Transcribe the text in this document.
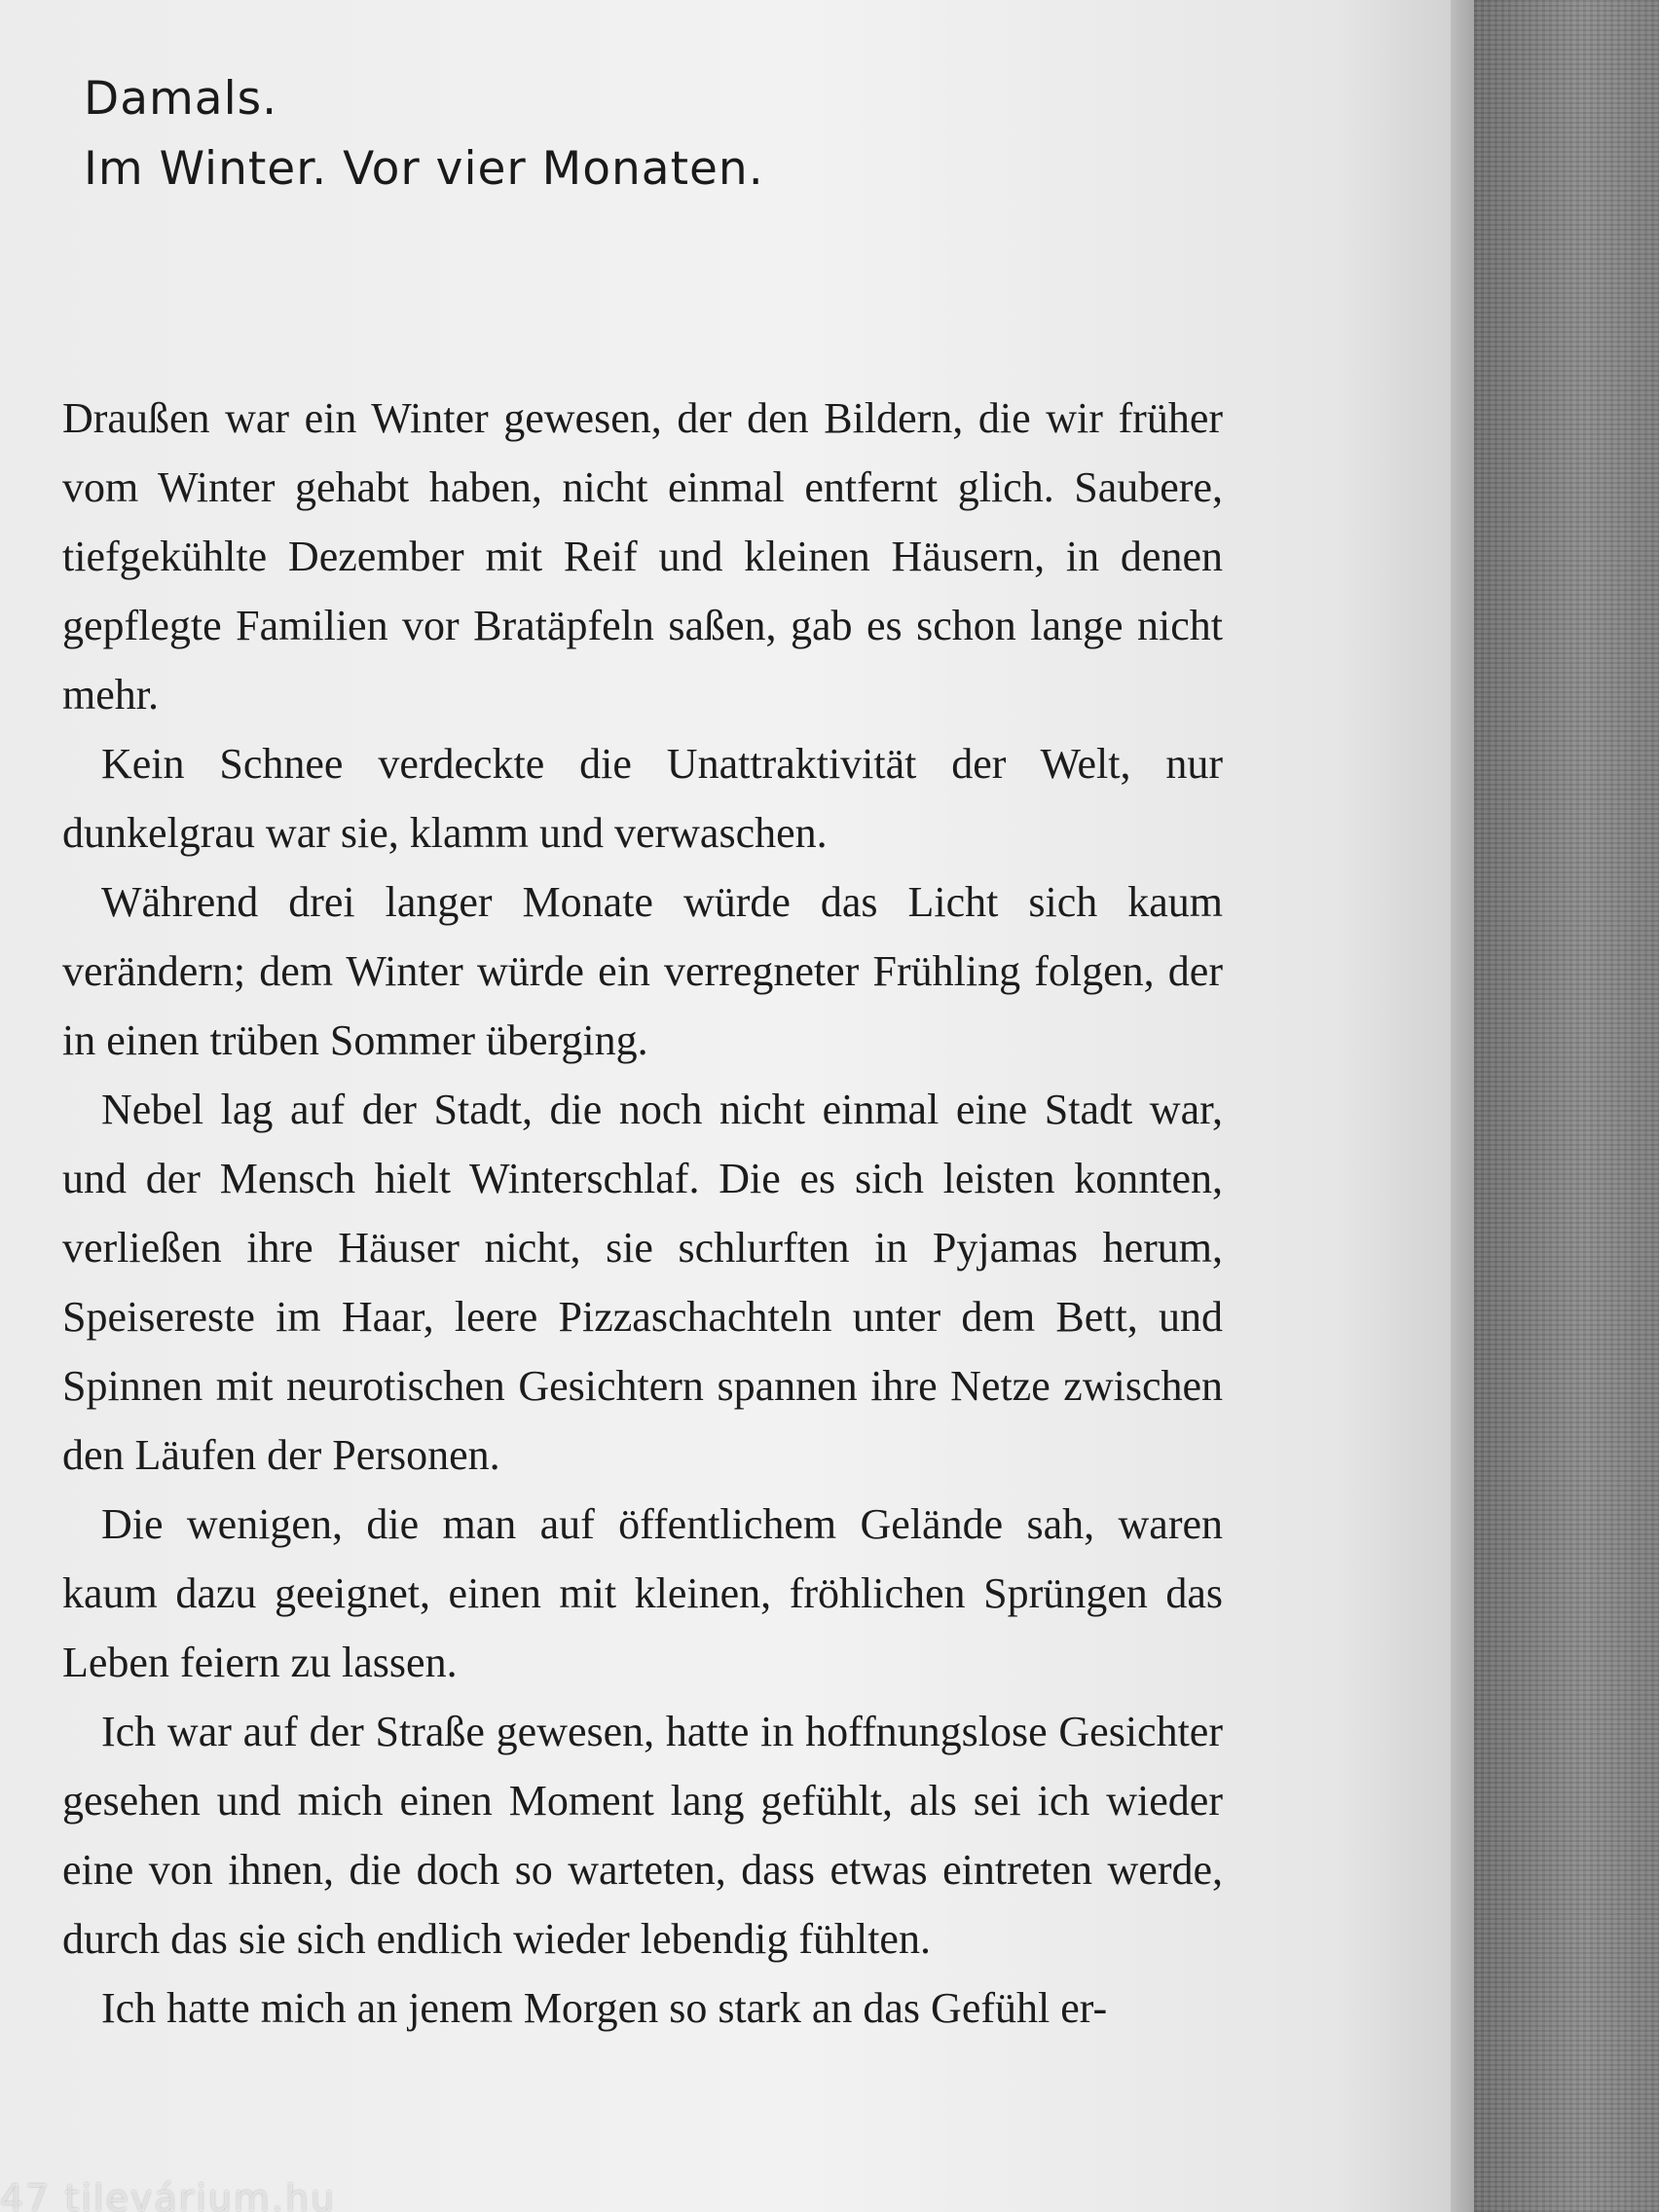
Damals.
Im Winter. Vor vier Monaten.

Draußen war ein Winter gewesen, der den Bildern, die wir früher vom Winter gehabt haben, nicht einmal entfernt glich. Saubere, tiefgekühlte Dezember mit Reif und kleinen Häusern, in denen gepflegte Familien vor Bratäpfeln saßen, gab es schon lange nicht mehr.

Kein Schnee verdeckte die Unattraktivität der Welt, nur dunkelgrau war sie, klamm und verwaschen.

Während drei langer Monate würde das Licht sich kaum verändern; dem Winter würde ein verregneter Frühling folgen, der in einen trüben Sommer überging.

Nebel lag auf der Stadt, die noch nicht einmal eine Stadt war, und der Mensch hielt Winterschlaf. Die es sich leisten konnten, verließen ihre Häuser nicht, sie schlurften in Pyjamas herum, Speisereste im Haar, leere Pizzaschachteln unter dem Bett, und Spinnen mit neurotischen Gesichtern spannen ihre Netze zwischen den Läufen der Personen.

Die wenigen, die man auf öffentlichem Gelände sah, waren kaum dazu geeignet, einen mit kleinen, fröhlichen Sprüngen das Leben feiern zu lassen.

Ich war auf der Straße gewesen, hatte in hoffnungslose Gesichter gesehen und mich einen Moment lang gefühlt, als sei ich wieder eine von ihnen, die doch so warteten, dass etwas eintreten werde, durch das sie sich endlich wieder lebendig fühlten.

Ich hatte mich an jenem Morgen so stark an das Gefühl er-

47 tilevárium.hu
